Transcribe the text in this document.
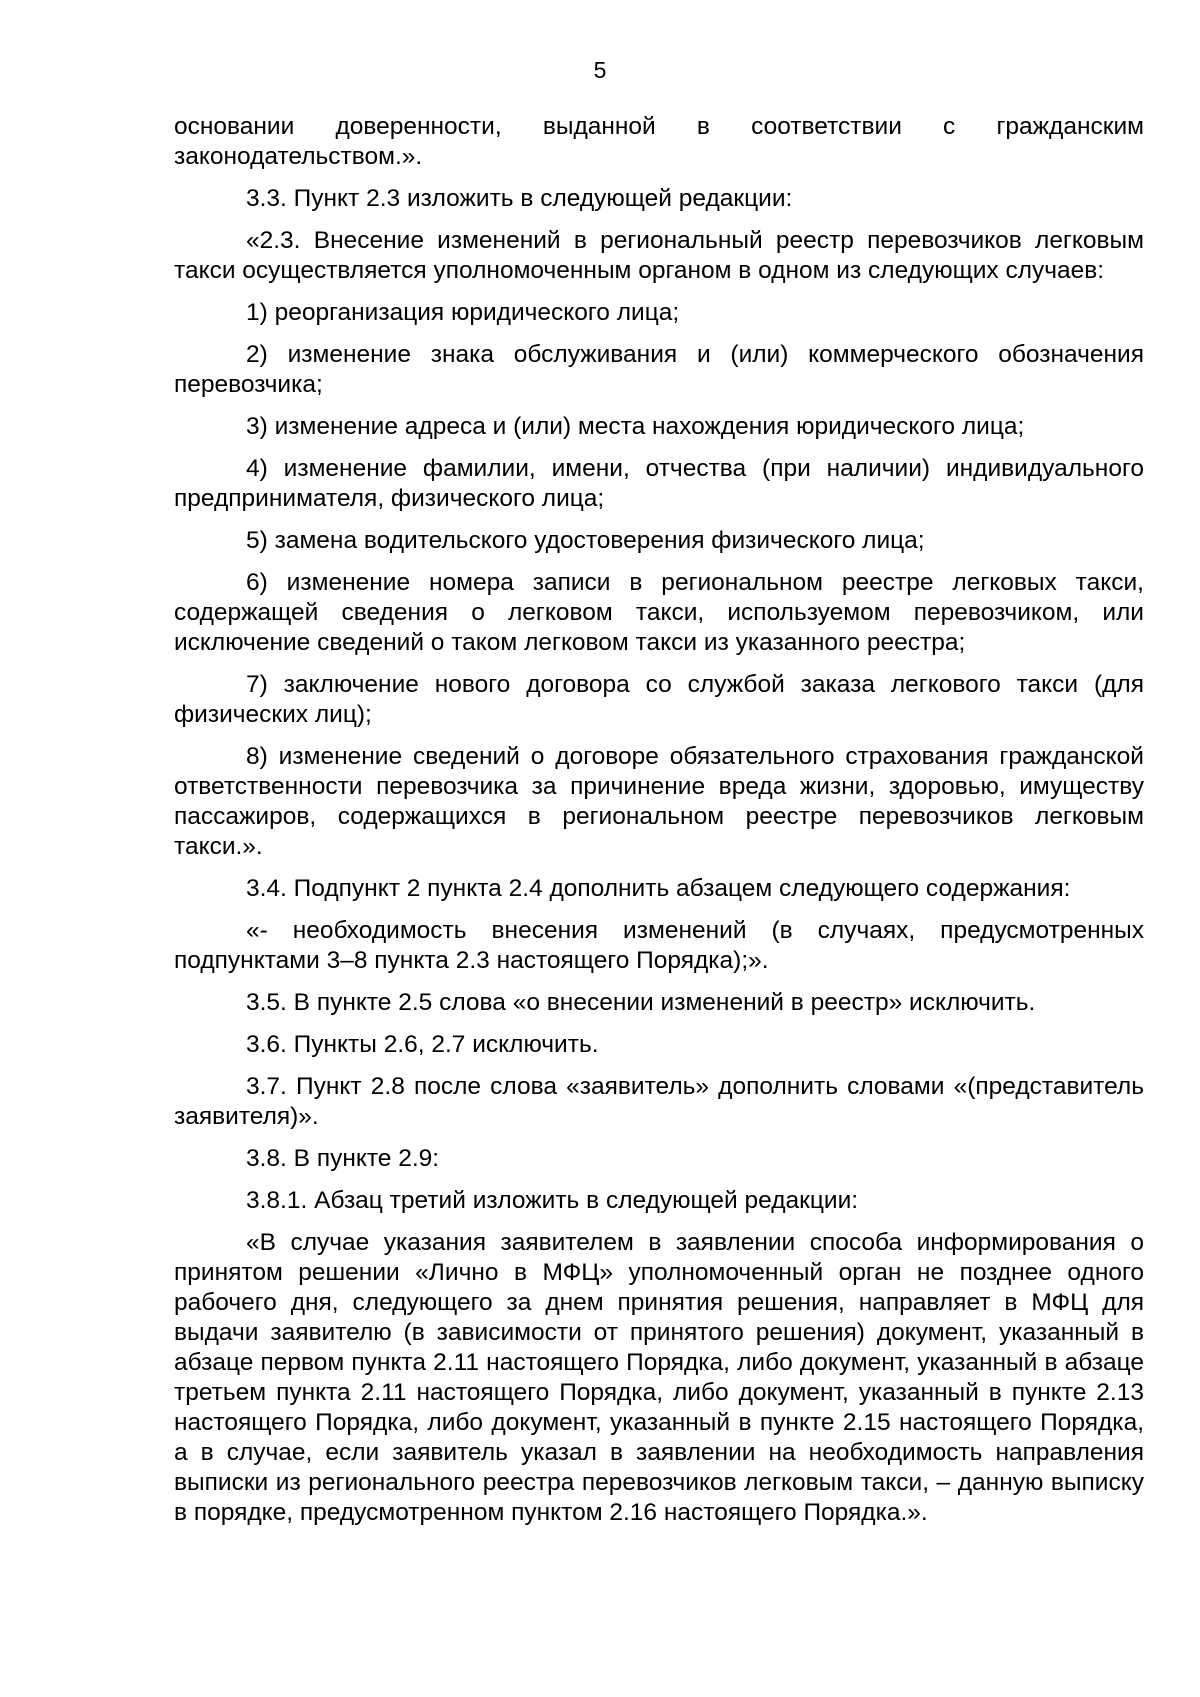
5

основании доверенности, выданной в соответствии с гражданским законодательством.».

3.3. Пункт 2.3 изложить в следующей редакции:

«2.3. Внесение изменений в региональный реестр перевозчиков легковым такси осуществляется уполномоченным органом в одном из следующих случаев:

1) реорганизация юридического лица;

2) изменение знака обслуживания и (или) коммерческого обозначения перевозчика;

3) изменение адреса и (или) места нахождения юридического лица;

4) изменение фамилии, имени, отчества (при наличии) индивидуального предпринимателя, физического лица;

5) замена водительского удостоверения физического лица;

6) изменение номера записи в региональном реестре легковых такси, содержащей сведения о легковом такси, используемом перевозчиком, или исключение сведений о таком легковом такси из указанного реестра;

7) заключение нового договора со службой заказа легкового такси (для физических лиц);

8) изменение сведений о договоре обязательного страхования гражданской ответственности перевозчика за причинение вреда жизни, здоровью, имуществу пассажиров, содержащихся в региональном реестре перевозчиков легковым такси.».

3.4. Подпункт 2 пункта 2.4 дополнить абзацем следующего содержания:

«- необходимость внесения изменений (в случаях, предусмотренных подпунктами 3–8 пункта 2.3 настоящего Порядка);».

3.5. В пункте 2.5 слова «о внесении изменений в реестр» исключить.

3.6. Пункты 2.6, 2.7 исключить.

3.7. Пункт 2.8 после слова «заявитель» дополнить словами «(представитель заявителя)».

3.8. В пункте 2.9:

3.8.1. Абзац третий изложить в следующей редакции:

«В случае указания заявителем в заявлении способа информирования о принятом решении «Лично в МФЦ» уполномоченный орган не позднее одного рабочего дня, следующего за днем принятия решения, направляет в МФЦ для выдачи заявителю (в зависимости от принятого решения) документ, указанный в абзаце первом пункта 2.11 настоящего Порядка, либо документ, указанный в абзаце третьем пункта 2.11 настоящего Порядка, либо документ, указанный в пункте 2.13 настоящего Порядка, либо документ, указанный в пункте 2.15 настоящего Порядка, а в случае, если заявитель указал в заявлении на необходимость направления выписки из регионального реестра перевозчиков легковым такси, – данную выписку в порядке, предусмотренном пунктом 2.16 настоящего Порядка.».
